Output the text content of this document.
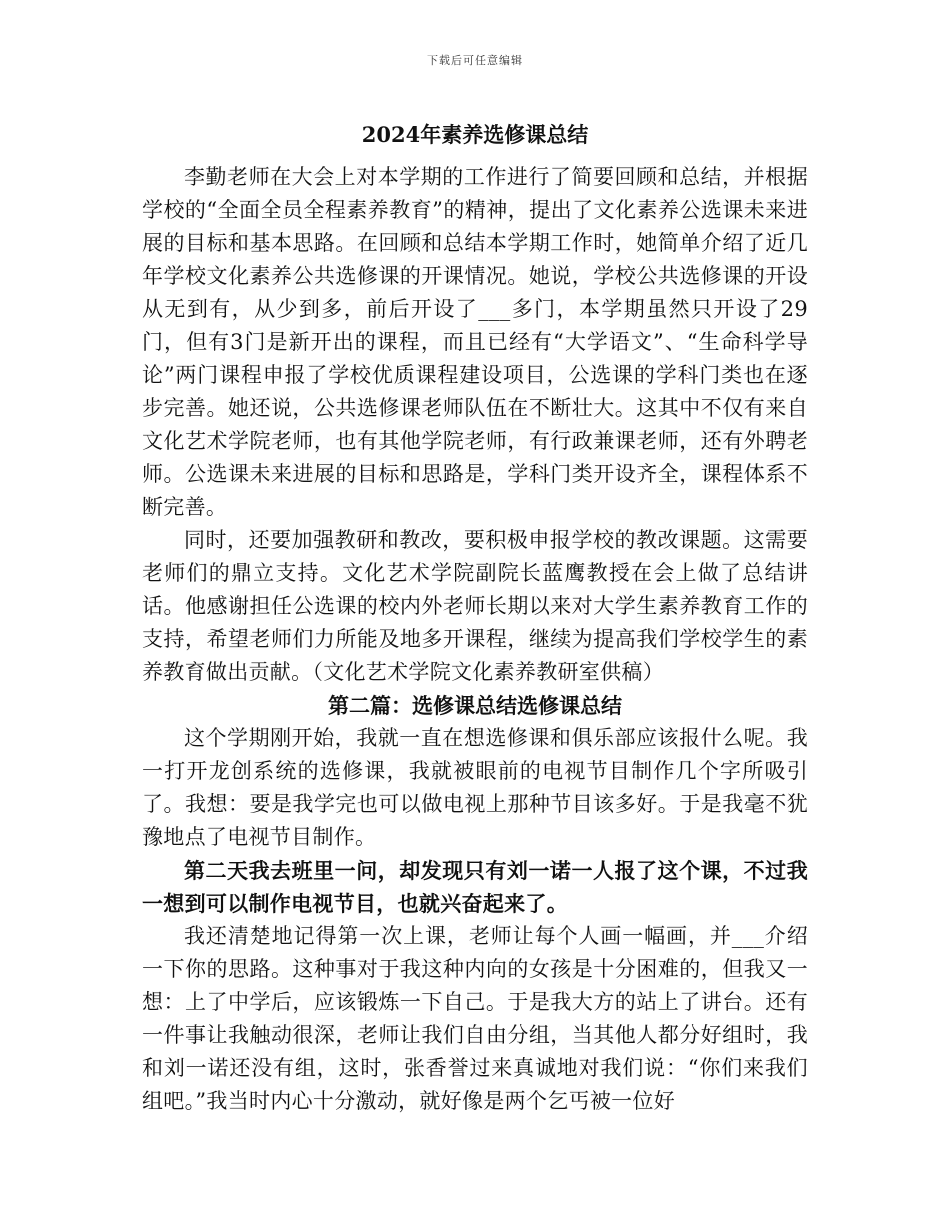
下载后可任意编辑
2024年素养选修课总结

李勤老师在大会上对本学期的工作进行了简要回顾和总结，并根据学校的“全面全员全程素养教育”的精神，提出了文化素养公选课未来进展的目标和基本思路。在回顾和总结本学期工作时，她简单介绍了近几年学校文化素养公共选修课的开课情况。她说，学校公共选修课的开设从无到有，从少到多，前后开设了___多门，本学期虽然只开设了29门，但有3门是新开出的课程，而且已经有“大学语文”、“生命科学导论”两门课程申报了学校优质课程建设项目，公选课的学科门类也在逐步完善。她还说，公共选修课老师队伍在不断壮大。这其中不仅有来自文化艺术学院老师，也有其他学院老师，有行政兼课老师，还有外聘老师。公选课未来进展的目标和思路是，学科门类开设齐全，课程体系不断完善。

同时，还要加强教研和教改，要积极申报学校的教改课题。这需要老师们的鼎立支持。文化艺术学院副院长蓝鹰教授在会上做了总结讲话。他感谢担任公选课的校内外老师长期以来对大学生素养教育工作的支持，希望老师们力所能及地多开课程，继续为提高我们学校学生的素养教育做出贡献。（文化艺术学院文化素养教研室供稿）

第二篇：选修课总结选修课总结

这个学期刚开始，我就一直在想选修课和俱乐部应该报什么呢。我一打开龙创系统的选修课，我就被眼前的电视节目制作几个字所吸引了。我想：要是我学完也可以做电视上那种节目该多好。于是我毫不犹豫地点了电视节目制作。

第二天我去班里一问，却发现只有刘一诺一人报了这个课，不过我一想到可以制作电视节目，也就兴奋起来了。

我还清楚地记得第一次上课，老师让每个人画一幅画，并___介绍一下你的思路。这种事对于我这种内向的女孩是十分困难的，但我又一想：上了中学后，应该锻炼一下自己。于是我大方的站上了讲台。还有一件事让我触动很深，老师让我们自由分组，当其他人都分好组时，我和刘一诺还没有组，这时，张香誉过来真诚地对我们说：“你们来我们组吧。”我当时内心十分激动，就好像是两个乞丐被一位好
